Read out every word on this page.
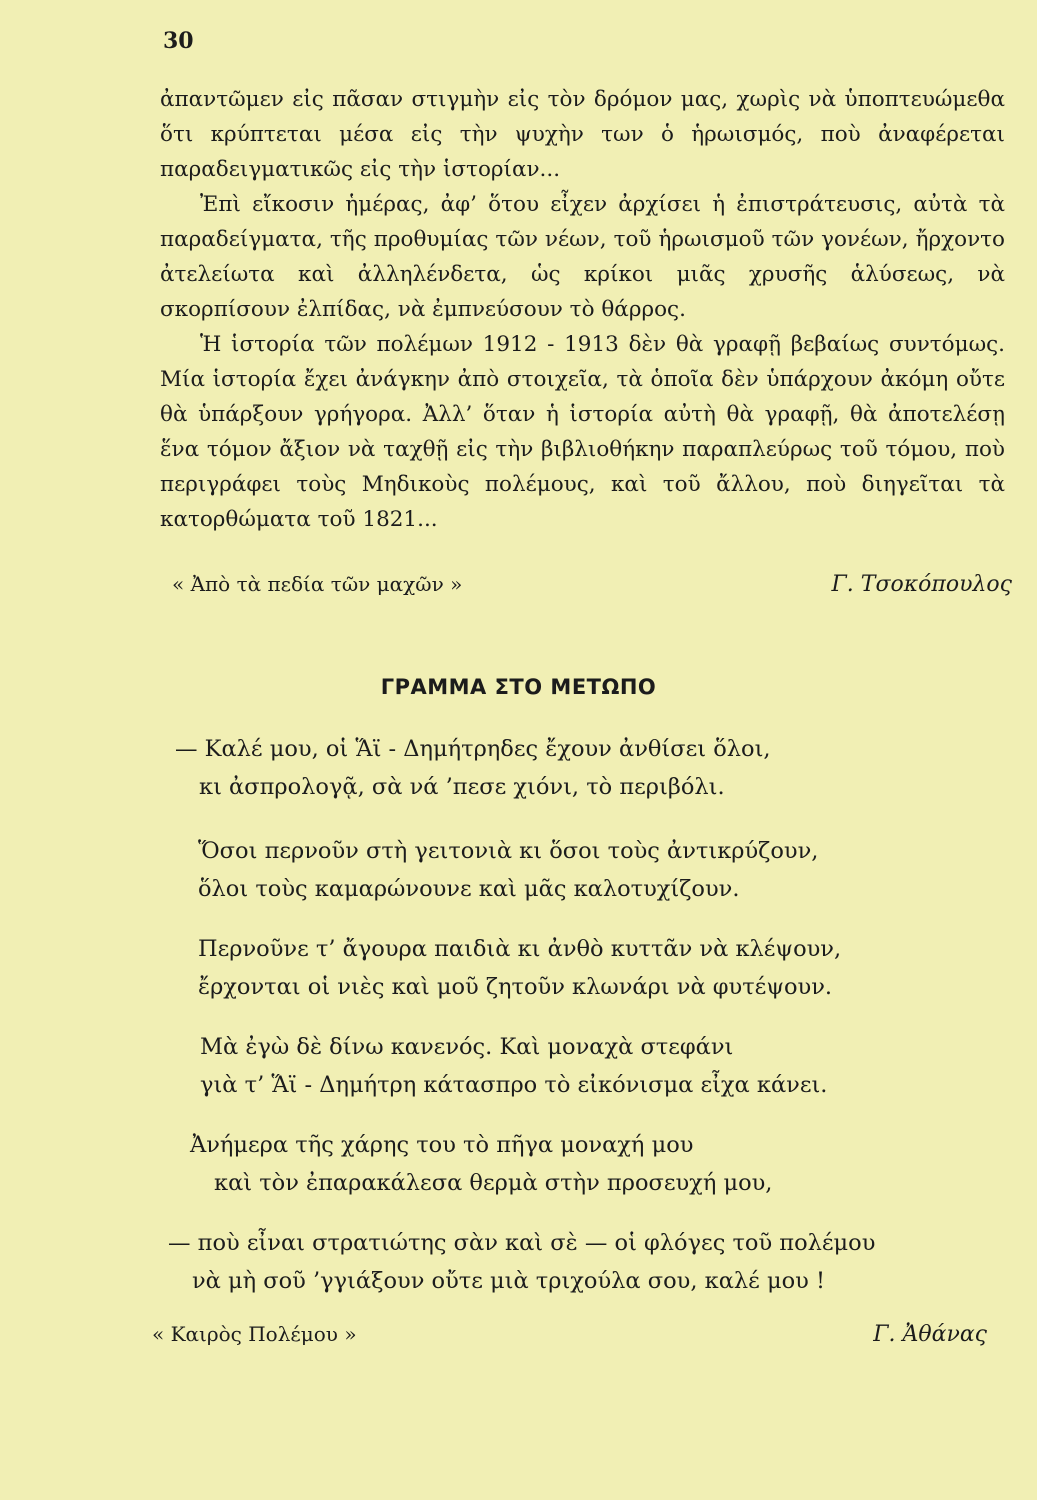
30

ἀπαντῶμεν εἰς πᾶσαν στιγμὴν εἰς τὸν δρόμον μας, χωρὶς νὰ ὑποπτευώμεθα ὅτι κρύπτεται μέσα εἰς τὴν ψυχὴν των ὁ ἡρωισμός, ποὺ ἀναφέρεται παραδειγματικῶς εἰς τὴν ἱστορίαν...

Ἐπὶ εἴκοσιν ἡμέρας, ἀφ’ ὅτου εἶχεν ἀρχίσει ἡ ἐπιστράτευσις, αὐτὰ τὰ παραδείγματα, τῆς προθυμίας τῶν νέων, τοῦ ἡρωισμοῦ τῶν γονέων, ἤρχοντο ἀτελείωτα καὶ ἀλληλένδετα, ὡς κρίκοι μιᾶς χρυσῆς ἁλύσεως, νὰ σκορπίσουν ἐλπίδας, νὰ ἐμπνεύσουν τὸ θάρρος.

Ἡ ἱστορία τῶν πολέμων 1912 - 1913 δὲν θὰ γραφῇ βεβαίως συντόμως. Μία ἱστορία ἔχει ἀνάγκην ἀπὸ στοιχεῖα, τὰ ὁποῖα δὲν ὑπάρχουν ἀκόμη οὔτε θὰ ὑπάρξουν γρήγορα. Ἀλλ’ ὅταν ἡ ἱστορία αὐτὴ θὰ γραφῇ, θὰ ἀποτελέσῃ ἕνα τόμον ἄξιον νὰ ταχθῇ εἰς τὴν βιβλιοθήκην παραπλεύρως τοῦ τόμου, ποὺ περιγράφει τοὺς Μηδικοὺς πολέμους, καὶ τοῦ ἄλλου, ποὺ διηγεῖται τὰ κατορθώματα τοῦ 1821...

« Ἀπὸ τὰ πεδία τῶν μαχῶν »	Γ. Τσοκόπουλος
ΓΡΑΜΜΑ ΣΤΟ ΜΕΤΩΠΟ
— Καλέ μου, οἱ Ἅϊ - Δημήτρηδες ἔχουν ἀνθίσει ὅλοι,
κι ἀσπρολογᾷ, σὰ νά ’πεσε χιόνι, τὸ περιβόλι.
Ὅσοι περνοῦν στὴ γειτονιὰ κι ὅσοι τοὺς ἀντικρύζουν,
ὅλοι τοὺς καμαρώνουνε καὶ μᾶς καλοτυχίζουν.
Περνοῦνε τ’ ἄγουρα παιδιὰ κι ἀνθὸ κυττᾶν νὰ κλέψουν,
ἔρχονται οἱ νιὲς καὶ μοῦ ζητοῦν κλωνάρι νὰ φυτέψουν.
Μὰ ἐγὼ δὲ δίνω κανενός. Καὶ μοναχὰ στεφάνι
γιὰ τ’ Ἅϊ - Δημήτρη κάτασπρο τὸ εἰκόνισμα εἶχα κάνει.
Ἀνήμερα τῆς χάρης του τὸ πῆγα μοναχή μου
καὶ τὸν ἐπαρακάλεσα θερμὰ στὴν προσευχή μου,
— ποὺ εἶναι στρατιώτης σὰν καὶ σὲ — οἱ φλόγες τοῦ πολέμου
νὰ μὴ σοῦ ’γγιάξουν οὔτε μιὰ τριχούλα σου, καλέ μου !
« Καιρὸς Πολέμου »	Γ. Ἀθάνας
